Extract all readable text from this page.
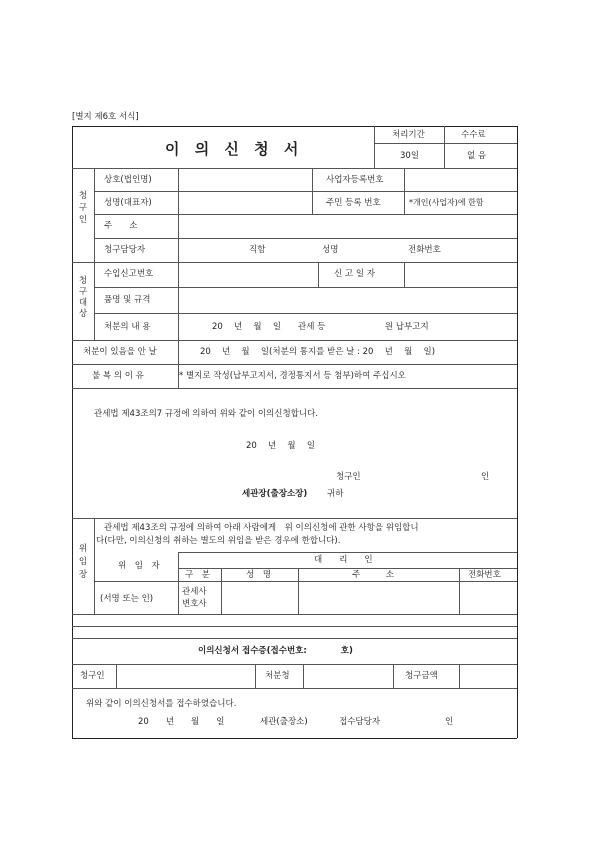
[별지 제6호 서식]
이 의 신 청 서
처리기간	수수료
30일	없 음
청구인
상호(법인명)	사업자등록번호
성명(대표자)	주민 등록 번호	*개인(사업자)에 한함
주　　소
청구담당자	직함	성명	전화번호
청구대상
수입신고번호	신 고 일 자
품명 및 규격
처분의 내 용	20　 년　 월　 일　　관세 등　　　　　　　원 납부고지
처분이 있음을 안 날	20　 년　 월　 일(처분의 통지를 받은 날 : 20　 년　 월　 일)
불 복 의 이 유	* 별지로 작성(납부고지서, 경정통지서 등 첨부)하여 주십시오
관세법 제43조의7 규정에 의하여 위와 같이 이의신청합니다.
20　 년　 월　 일
청구인	인
세관장(출장소장) 귀하
위임장
관세법 제43조의 규정에 의하여 아래 사람에게　위 이의신청에 관한 사항을 위임합니
다(다만, 이의신청의 취하는 별도의 위임을 받은 경우에 한합니다).
위　임　자
(서명 또는 인)
대　　리　　인
구　분	성　명	주　　　소	전화번호
관세사
변호사
이의신청서 접수증(접수번호:　　　　호)
청구인	처분청	청구금액
위와 같이 이의신청서를 접수하였습니다.
20　　년　　월　　일	세관(출장소)	접수담당자	인
